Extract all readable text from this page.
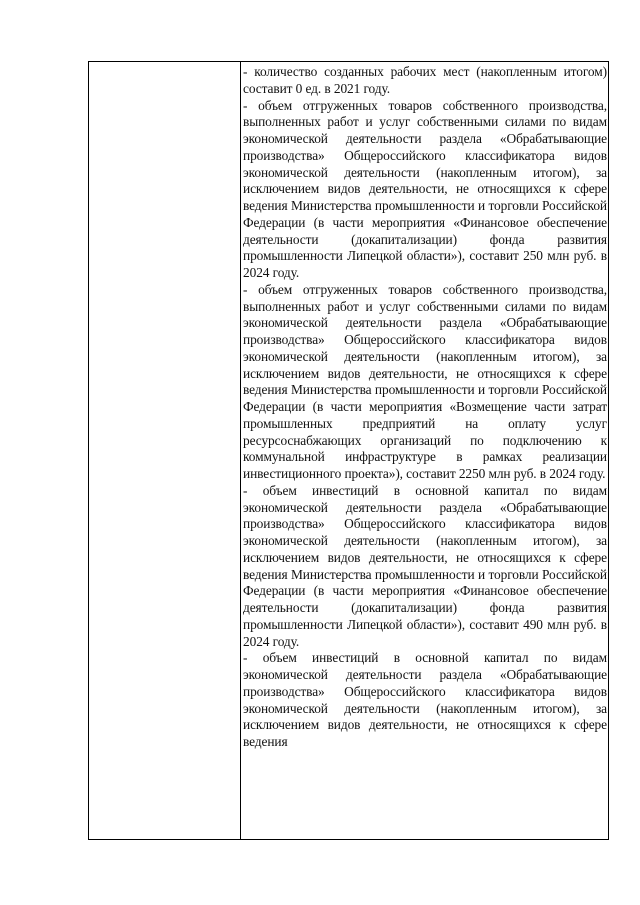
- количество созданных рабочих мест (накопленным итогом) составит 0 ед. в 2021 году.

- объем отгруженных товаров собственного производства, выполненных работ и услуг собственными силами по видам экономической деятельности раздела «Обрабатывающие производства» Общероссийского классификатора видов экономической деятельности (накопленным итогом), за исключением видов деятельности, не относящихся к сфере ведения Министерства промышленности и торговли Российской Федерации (в части мероприятия «Финансовое обеспечение деятельности (докапитализации) фонда развития промышленности Липецкой области»), составит 250 млн руб. в 2024 году.

- объем отгруженных товаров собственного производства, выполненных работ и услуг собственными силами по видам экономической деятельности раздела «Обрабатывающие производства» Общероссийского классификатора видов экономической деятельности (накопленным итогом), за исключением видов деятельности, не относящихся к сфере ведения Министерства промышленности и торговли Российской Федерации (в части мероприятия «Возмещение части затрат промышленных предприятий на оплату услуг ресурсоснабжающих организаций по подключению к коммунальной инфраструктуре в рамках реализации инвестиционного проекта»), составит 2250 млн руб. в 2024 году.

- объем инвестиций в основной капитал по видам экономической деятельности раздела «Обрабатывающие производства» Общероссийского классификатора видов экономической деятельности (накопленным итогом), за исключением видов деятельности, не относящихся к сфере ведения Министерства промышленности и торговли Российской Федерации (в части мероприятия «Финансовое обеспечение деятельности (докапитализации) фонда развития промышленности Липецкой области»), составит 490 млн руб. в 2024 году.

- объем инвестиций в основной капитал по видам экономической деятельности раздела «Обрабатывающие производства» Общероссийского классификатора видов экономической деятельности (накопленным итогом), за исключением видов деятельности, не относящихся к сфере ведения
